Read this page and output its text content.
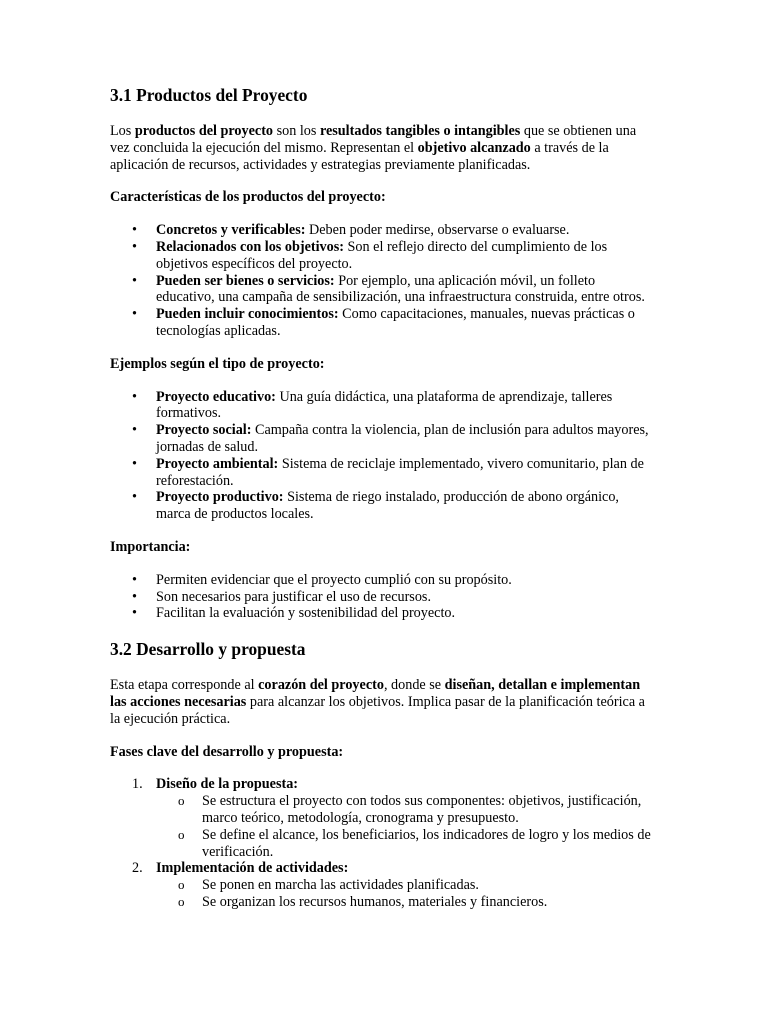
3.1 Productos del Proyecto

Los productos del proyecto son los resultados tangibles o intangibles que se obtienen una vez concluida la ejecución del mismo. Representan el objetivo alcanzado a través de la aplicación de recursos, actividades y estrategias previamente planificadas.

Características de los productos del proyecto:

• Concretos y verificables: Deben poder medirse, observarse o evaluarse.
• Relacionados con los objetivos: Son el reflejo directo del cumplimiento de los objetivos específicos del proyecto.
• Pueden ser bienes o servicios: Por ejemplo, una aplicación móvil, un folleto educativo, una campaña de sensibilización, una infraestructura construida, entre otros.
• Pueden incluir conocimientos: Como capacitaciones, manuales, nuevas prácticas o tecnologías aplicadas.

Ejemplos según el tipo de proyecto:

• Proyecto educativo: Una guía didáctica, una plataforma de aprendizaje, talleres formativos.
• Proyecto social: Campaña contra la violencia, plan de inclusión para adultos mayores, jornadas de salud.
• Proyecto ambiental: Sistema de reciclaje implementado, vivero comunitario, plan de reforestación.
• Proyecto productivo: Sistema de riego instalado, producción de abono orgánico, marca de productos locales.

Importancia:

• Permiten evidenciar que el proyecto cumplió con su propósito.
• Son necesarios para justificar el uso de recursos.
• Facilitan la evaluación y sostenibilidad del proyecto.
3.2 Desarrollo y propuesta

Esta etapa corresponde al corazón del proyecto, donde se diseñan, detallan e implementan las acciones necesarias para alcanzar los objetivos. Implica pasar de la planificación teórica a la ejecución práctica.

Fases clave del desarrollo y propuesta:

1. Diseño de la propuesta:
o Se estructura el proyecto con todos sus componentes: objetivos, justificación, marco teórico, metodología, cronograma y presupuesto.
o Se define el alcance, los beneficiarios, los indicadores de logro y los medios de verificación.
2. Implementación de actividades:
o Se ponen en marcha las actividades planificadas.
o Se organizan los recursos humanos, materiales y financieros.
